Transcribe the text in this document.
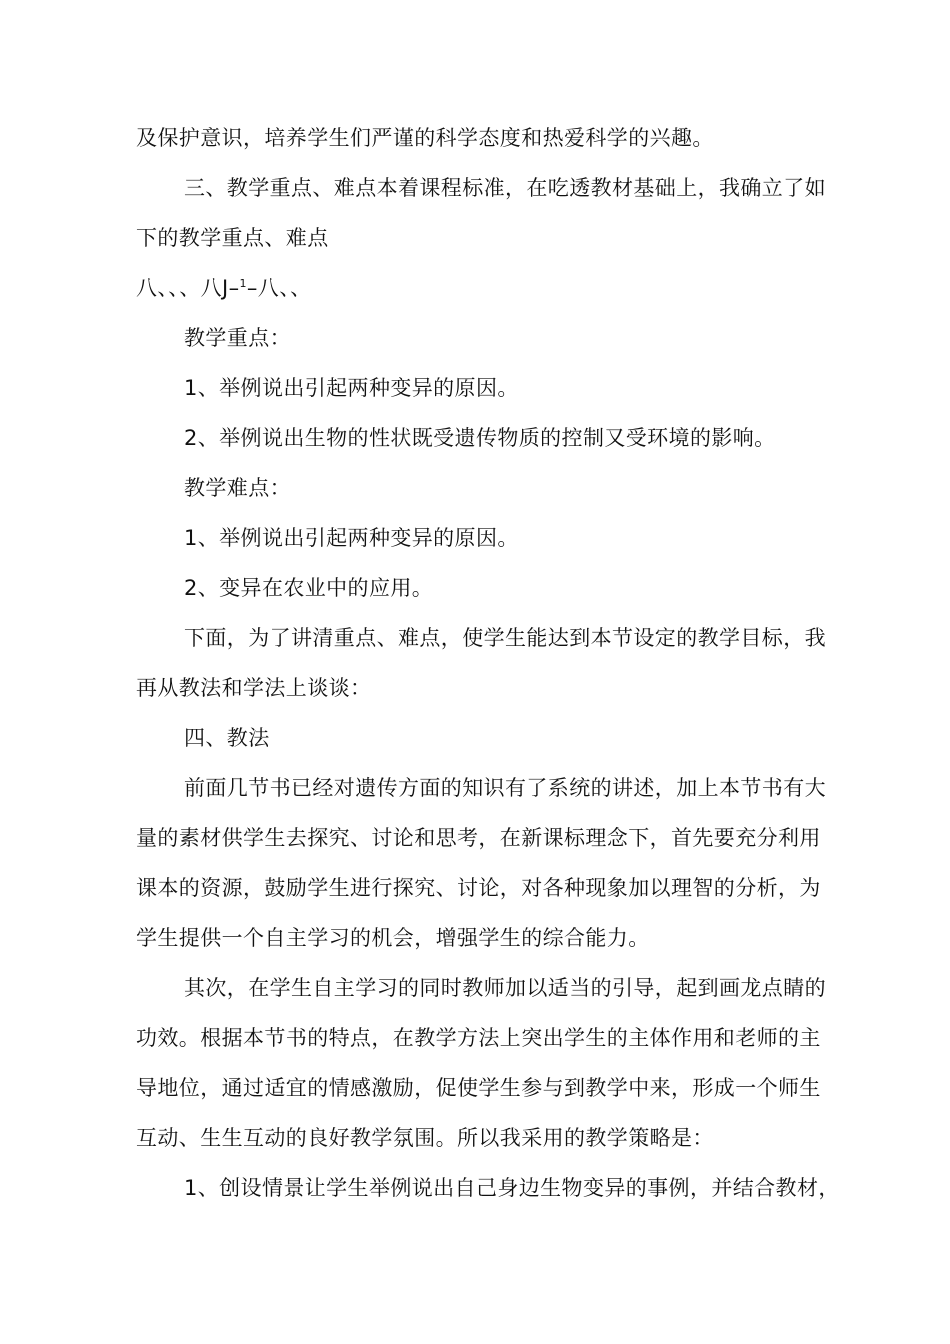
及保护意识，培养学生们严谨的科学态度和热爱科学的兴趣。
三、教学重点、难点本着课程标准，在吃透教材基础上，我确立了如
下的教学重点、难点
八、、、八J–$^1$–八、、
教学重点：
1、举例说出引起两种变异的原因。
2、举例说出生物的性状既受遗传物质的控制又受环境的影响。
教学难点：
1、举例说出引起两种变异的原因。
2、变异在农业中的应用。
下面，为了讲清重点、难点，使学生能达到本节设定的教学目标，我
再从教法和学法上谈谈：
四、教法
前面几节书已经对遗传方面的知识有了系统的讲述，加上本节书有大
量的素材供学生去探究、讨论和思考，在新课标理念下，首先要充分利用
课本的资源，鼓励学生进行探究、讨论，对各种现象加以理智的分析，为
学生提供一个自主学习的机会，增强学生的综合能力。
其次，在学生自主学习的同时教师加以适当的引导，起到画龙点睛的
功效。根据本节书的特点，在教学方法上突出学生的主体作用和老师的主
导地位，通过适宜的情感激励，促使学生参与到教学中来，形成一个师生
互动、生生互动的良好教学氛围。所以我采用的教学策略是：
1、创设情景让学生举例说出自己身边生物变异的事例，并结合教材，
